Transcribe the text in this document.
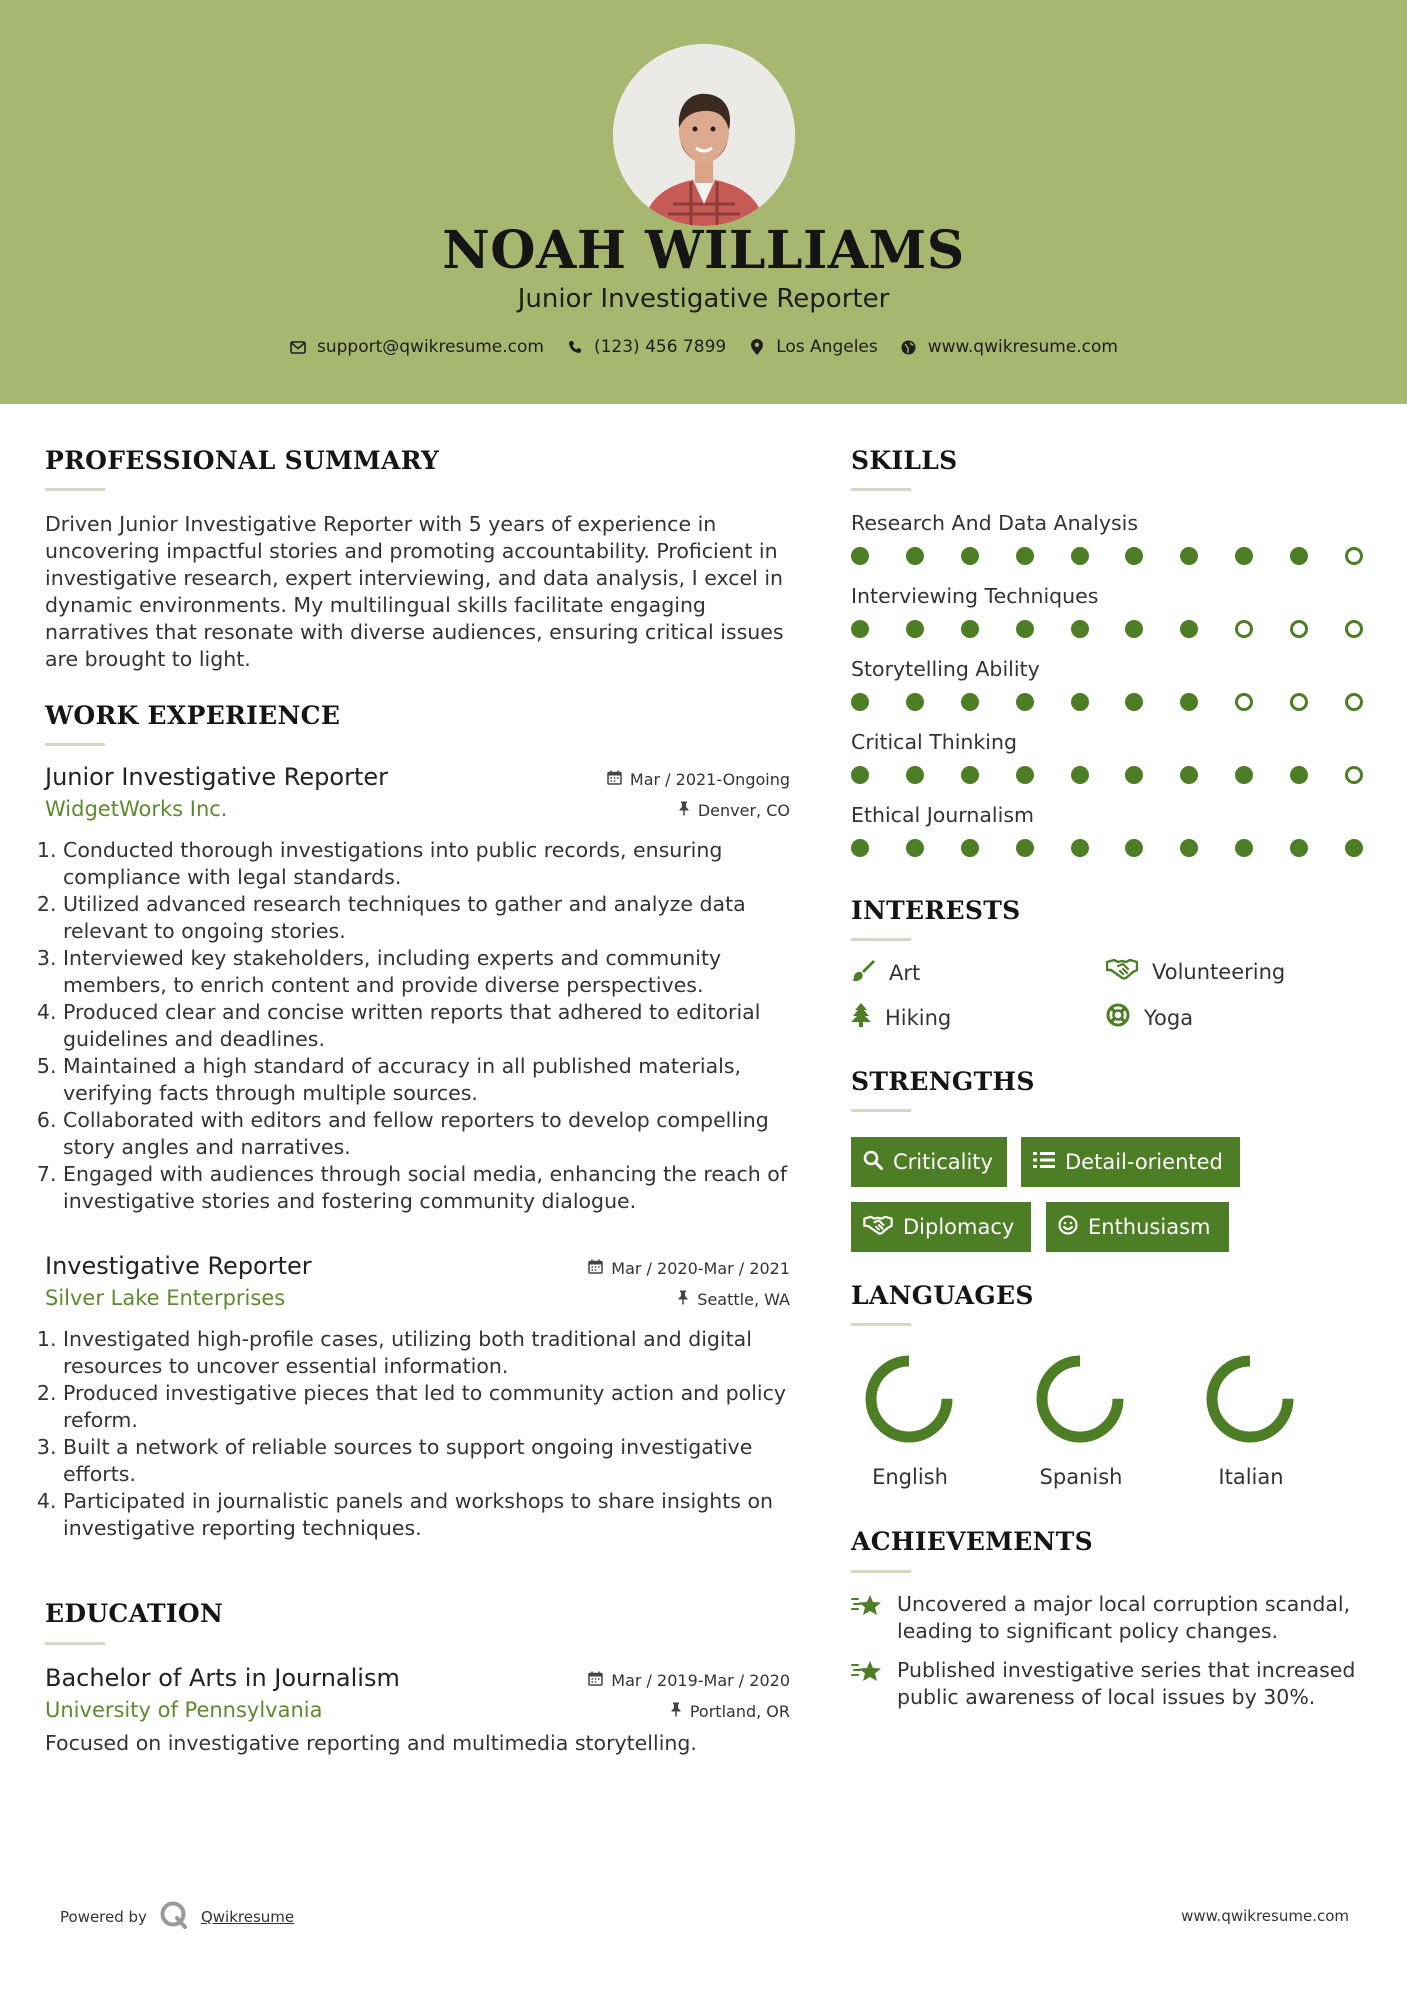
NOAH WILLIAMS
Junior Investigative Reporter
support@qwikresume.com	(123) 456 7899	Los Angeles	www.qwikresume.com
PROFESSIONAL SUMMARY
Driven Junior Investigative Reporter with 5 years of experience in uncovering impactful stories and promoting accountability. Proficient in investigative research, expert interviewing, and data analysis, I excel in dynamic environments. My multilingual skills facilitate engaging narratives that resonate with diverse audiences, ensuring critical issues are brought to light.
WORK EXPERIENCE
Junior Investigative Reporter	Mar / 2021-Ongoing
WidgetWorks Inc.	Denver, CO
1. Conducted thorough investigations into public records, ensuring compliance with legal standards.
2. Utilized advanced research techniques to gather and analyze data relevant to ongoing stories.
3. Interviewed key stakeholders, including experts and community members, to enrich content and provide diverse perspectives.
4. Produced clear and concise written reports that adhered to editorial guidelines and deadlines.
5. Maintained a high standard of accuracy in all published materials, verifying facts through multiple sources.
6. Collaborated with editors and fellow reporters to develop compelling story angles and narratives.
7. Engaged with audiences through social media, enhancing the reach of investigative stories and fostering community dialogue.
Investigative Reporter	Mar / 2020-Mar / 2021
Silver Lake Enterprises	Seattle, WA
1. Investigated high-profile cases, utilizing both traditional and digital resources to uncover essential information.
2. Produced investigative pieces that led to community action and policy reform.
3. Built a network of reliable sources to support ongoing investigative efforts.
4. Participated in journalistic panels and workshops to share insights on investigative reporting techniques.
EDUCATION
Bachelor of Arts in Journalism	Mar / 2019-Mar / 2020
University of Pennsylvania	Portland, OR
Focused on investigative reporting and multimedia storytelling.
SKILLS
Research And Data Analysis
Interviewing Techniques
Storytelling Ability
Critical Thinking
Ethical Journalism
INTERESTS
Art	Volunteering
Hiking	Yoga
STRENGTHS
Criticality	Detail-oriented
Diplomacy	Enthusiasm
LANGUAGES
English	Spanish	Italian
ACHIEVEMENTS
Uncovered a major local corruption scandal, leading to significant policy changes.
Published investigative series that increased public awareness of local issues by 30%.
Powered by	Qwikresume	www.qwikresume.com
